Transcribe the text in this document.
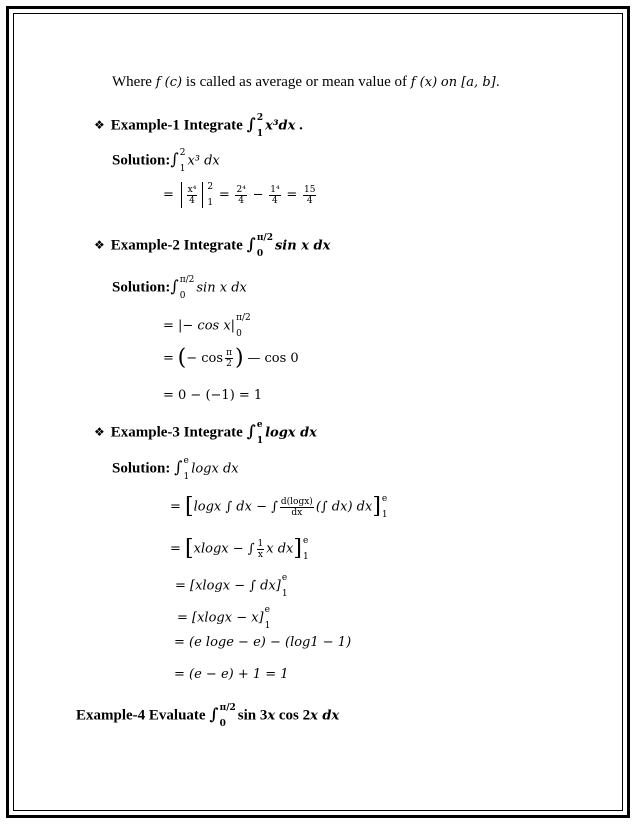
Where f (c) is called as average or mean value of f (x) on [a, b].
❖ Example-1 Integrate ∫ 2
1
x³dx .
Solution:∫ 2
1
x³ dx
= $\frac{\text{x⁴}}{4} 2$
1
= $\frac{\text{2⁴}}{4} - \frac{\text{1⁴}}{4} = \frac{15}{4}$
❖ Example-2 Integrate ∫ π/2
0
sin x dx
Solution:∫ π/2
0
sin x dx
= |− cos x|
π/2
0
= (− $\cos \frac{\pi}{2}$ ) — cos 0
= 0 − (−1) = 1
❖ Example-3 Integrate ∫ e
1
logx dx
Solution: ∫ e
1
logx dx
= [logx ∫ dx − ∫ $\frac{d(\log x)}{dx}$ (∫ dx) dx] e
1
= [xlogx − ∫ $\frac{1}{x}$ x dx] e
1
= [xlogx − ∫ dx]
e
1
= [xlogx − x]
e
1
= (e loge − e) − (log1 − 1)
= (e − e) + 1 = 1
Example-4 Evaluate ∫ π/2
0
sin 3x cos 2x dx
